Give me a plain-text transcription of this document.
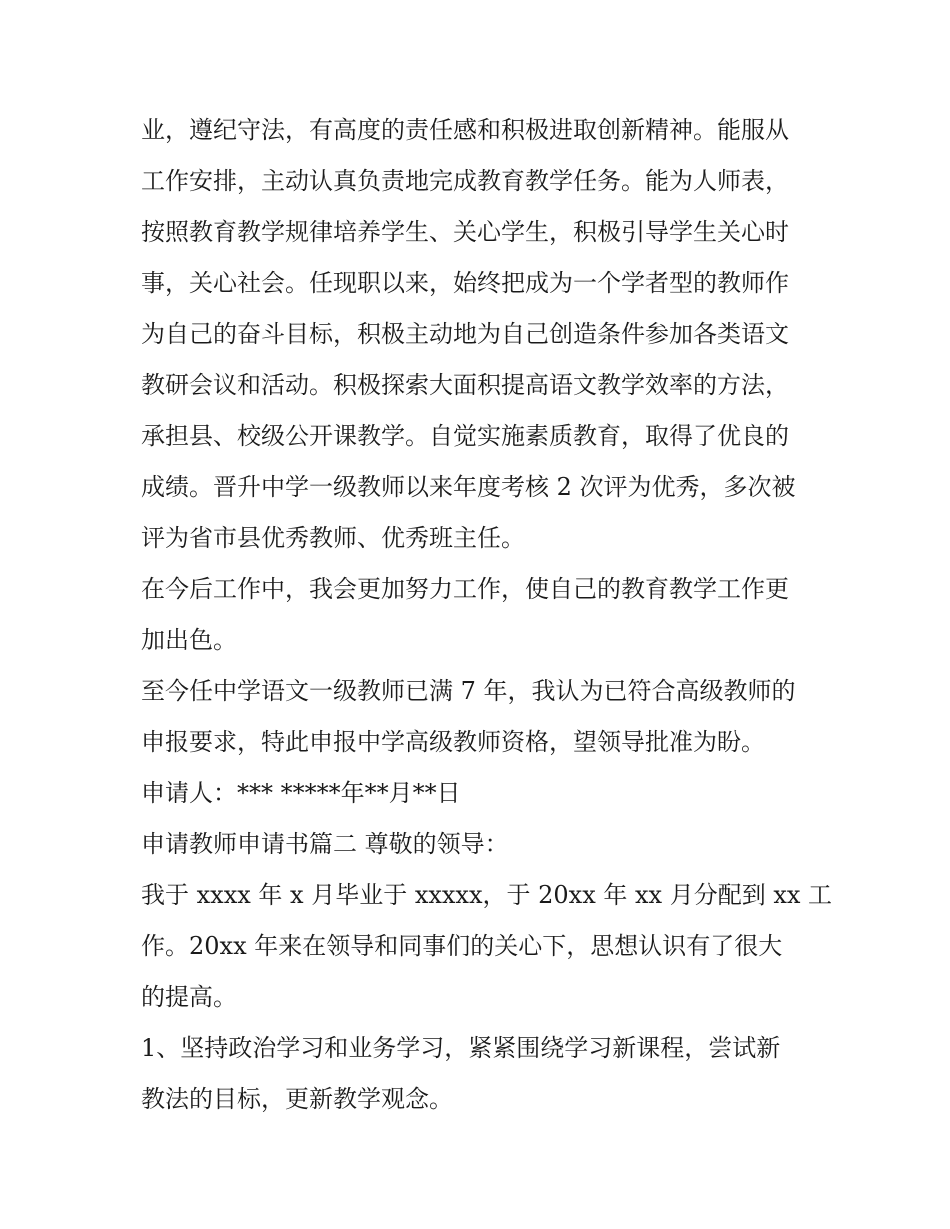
业，遵纪守法，有高度的责任感和积极进取创新精神。能服从
工作安排，主动认真负责地完成教育教学任务。能为人师表，
按照教育教学规律培养学生、关心学生，积极引导学生关心时
事，关心社会。任现职以来，始终把成为一个学者型的教师作
为自己的奋斗目标，积极主动地为自己创造条件参加各类语文
教研会议和活动。积极探索大面积提高语文教学效率的方法，
承担县、校级公开课教学。自觉实施素质教育，取得了优良的
成绩。晋升中学一级教师以来年度考核 2 次评为优秀，多次被
评为省市县优秀教师、优秀班主任。
在今后工作中，我会更加努力工作，使自己的教育教学工作更
加出色。
至今任中学语文一级教师已满 7 年，我认为已符合高级教师的
申报要求，特此申报中学高级教师资格，望领导批准为盼。
申请人：*** *****年**月**日
申请教师申请书篇二 尊敬的领导：
我于 xxxx 年 x 月毕业于 xxxxx，于 20xx 年 xx 月分配到 xx 工
作。20xx 年来在领导和同事们的关心下，思想认识有了很大
的提高。
1、坚持政治学习和业务学习，紧紧围绕学习新课程，尝试新
教法的目标，更新教学观念。
